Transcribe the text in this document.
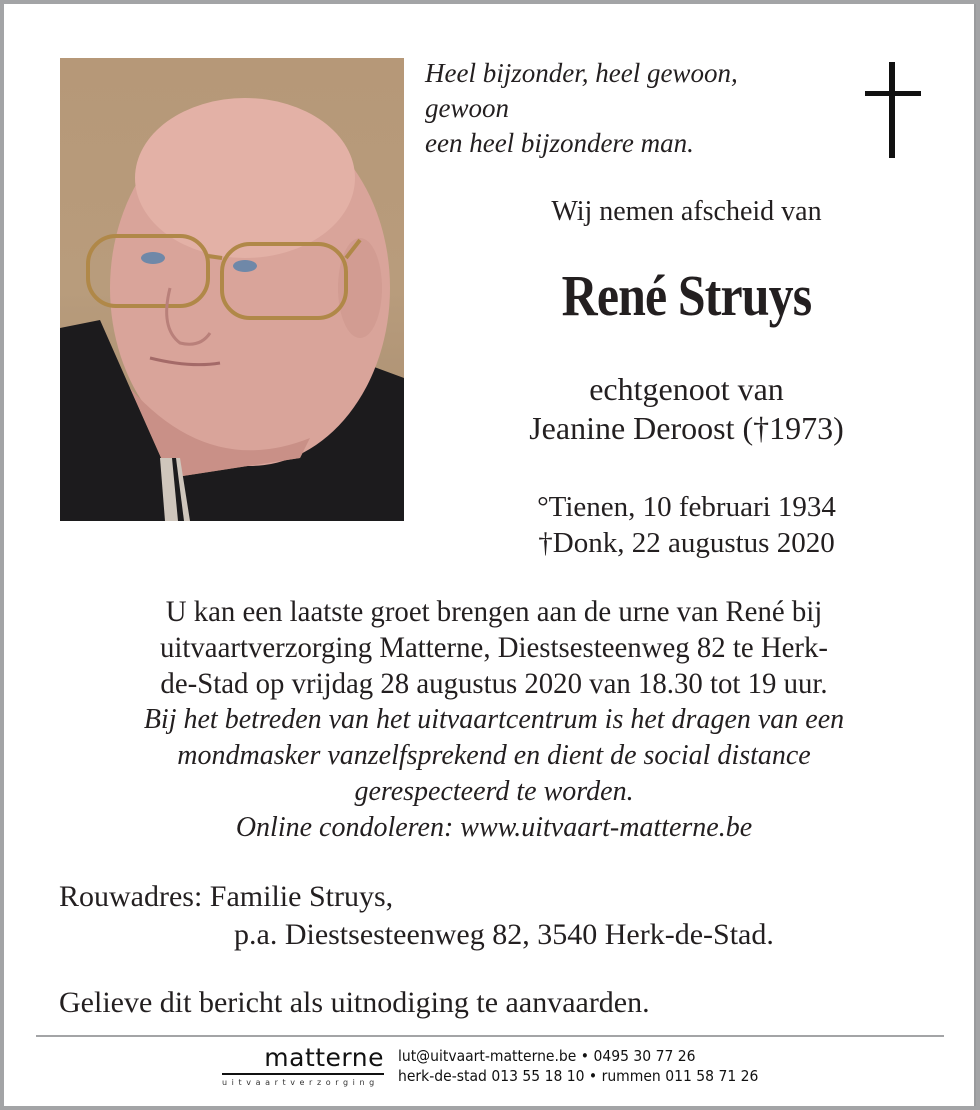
Heel bijzonder, heel gewoon,
gewoon
een heel bijzondere man.
Wij nemen afscheid van
René Struys
echtgenoot van
Jeanine Deroost (†1973)
°Tienen, 10 februari 1934
†Donk, 22 augustus 2020
U kan een laatste groet brengen aan de urne van René bij
uitvaartverzorging Matterne, Diestsesteenweg 82 te Herk-
de-Stad op vrijdag 28 augustus 2020 van 18.30 tot 19 uur.
Bij het betreden van het uitvaartcentrum is het dragen van een
mondmasker vanzelfsprekend en dient de social distance
gerespecteerd te worden.
Online condoleren: www.uitvaart-matterne.be
Rouwadres: Familie Struys,
p.a. Diestsesteenweg 82, 3540 Herk-de-Stad.
Gelieve dit bericht als uitnodiging te aanvaarden.
matterne
uitvaartverzorging
lut@uitvaart-matterne.be • 0495 30 77 26
herk-de-stad 013 55 18 10 • rummen 011 58 71 26
